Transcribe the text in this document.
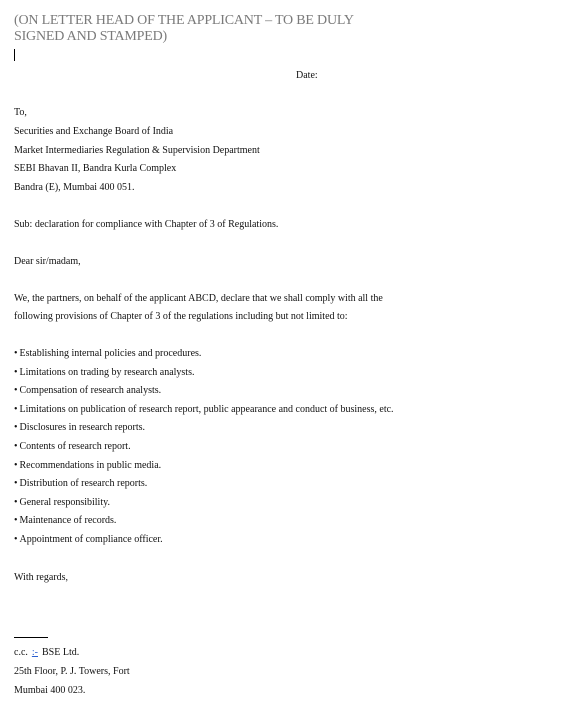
(ON LETTER HEAD OF THE APPLICANT – TO BE DULY SIGNED AND STAMPED)
Date:
To,
Securities and Exchange Board of India
Market Intermediaries Regulation & Supervision Department
SEBI Bhavan II, Bandra Kurla Complex
Bandra (E), Mumbai 400 051.
Sub: declaration for compliance with Chapter of 3 of Regulations.
Dear sir/madam,
We, the partners, on behalf of the applicant ABCD, declare that we shall comply with all the
following provisions of Chapter of 3 of the regulations including but not limited to:
• Establishing internal policies and procedures.
• Limitations on trading by research analysts.
• Compensation of research analysts.
• Limitations on publication of research report, public appearance and conduct of business, etc.
• Disclosures in research reports.
• Contents of research report.
• Recommendations in public media.
• Distribution of research reports.
• General responsibility.
• Maintenance of records.
• Appointment of compliance officer.
With regards,
c.c. :- BSE Ltd.
25th Floor, P. J. Towers, Fort
Mumbai 400 023.
